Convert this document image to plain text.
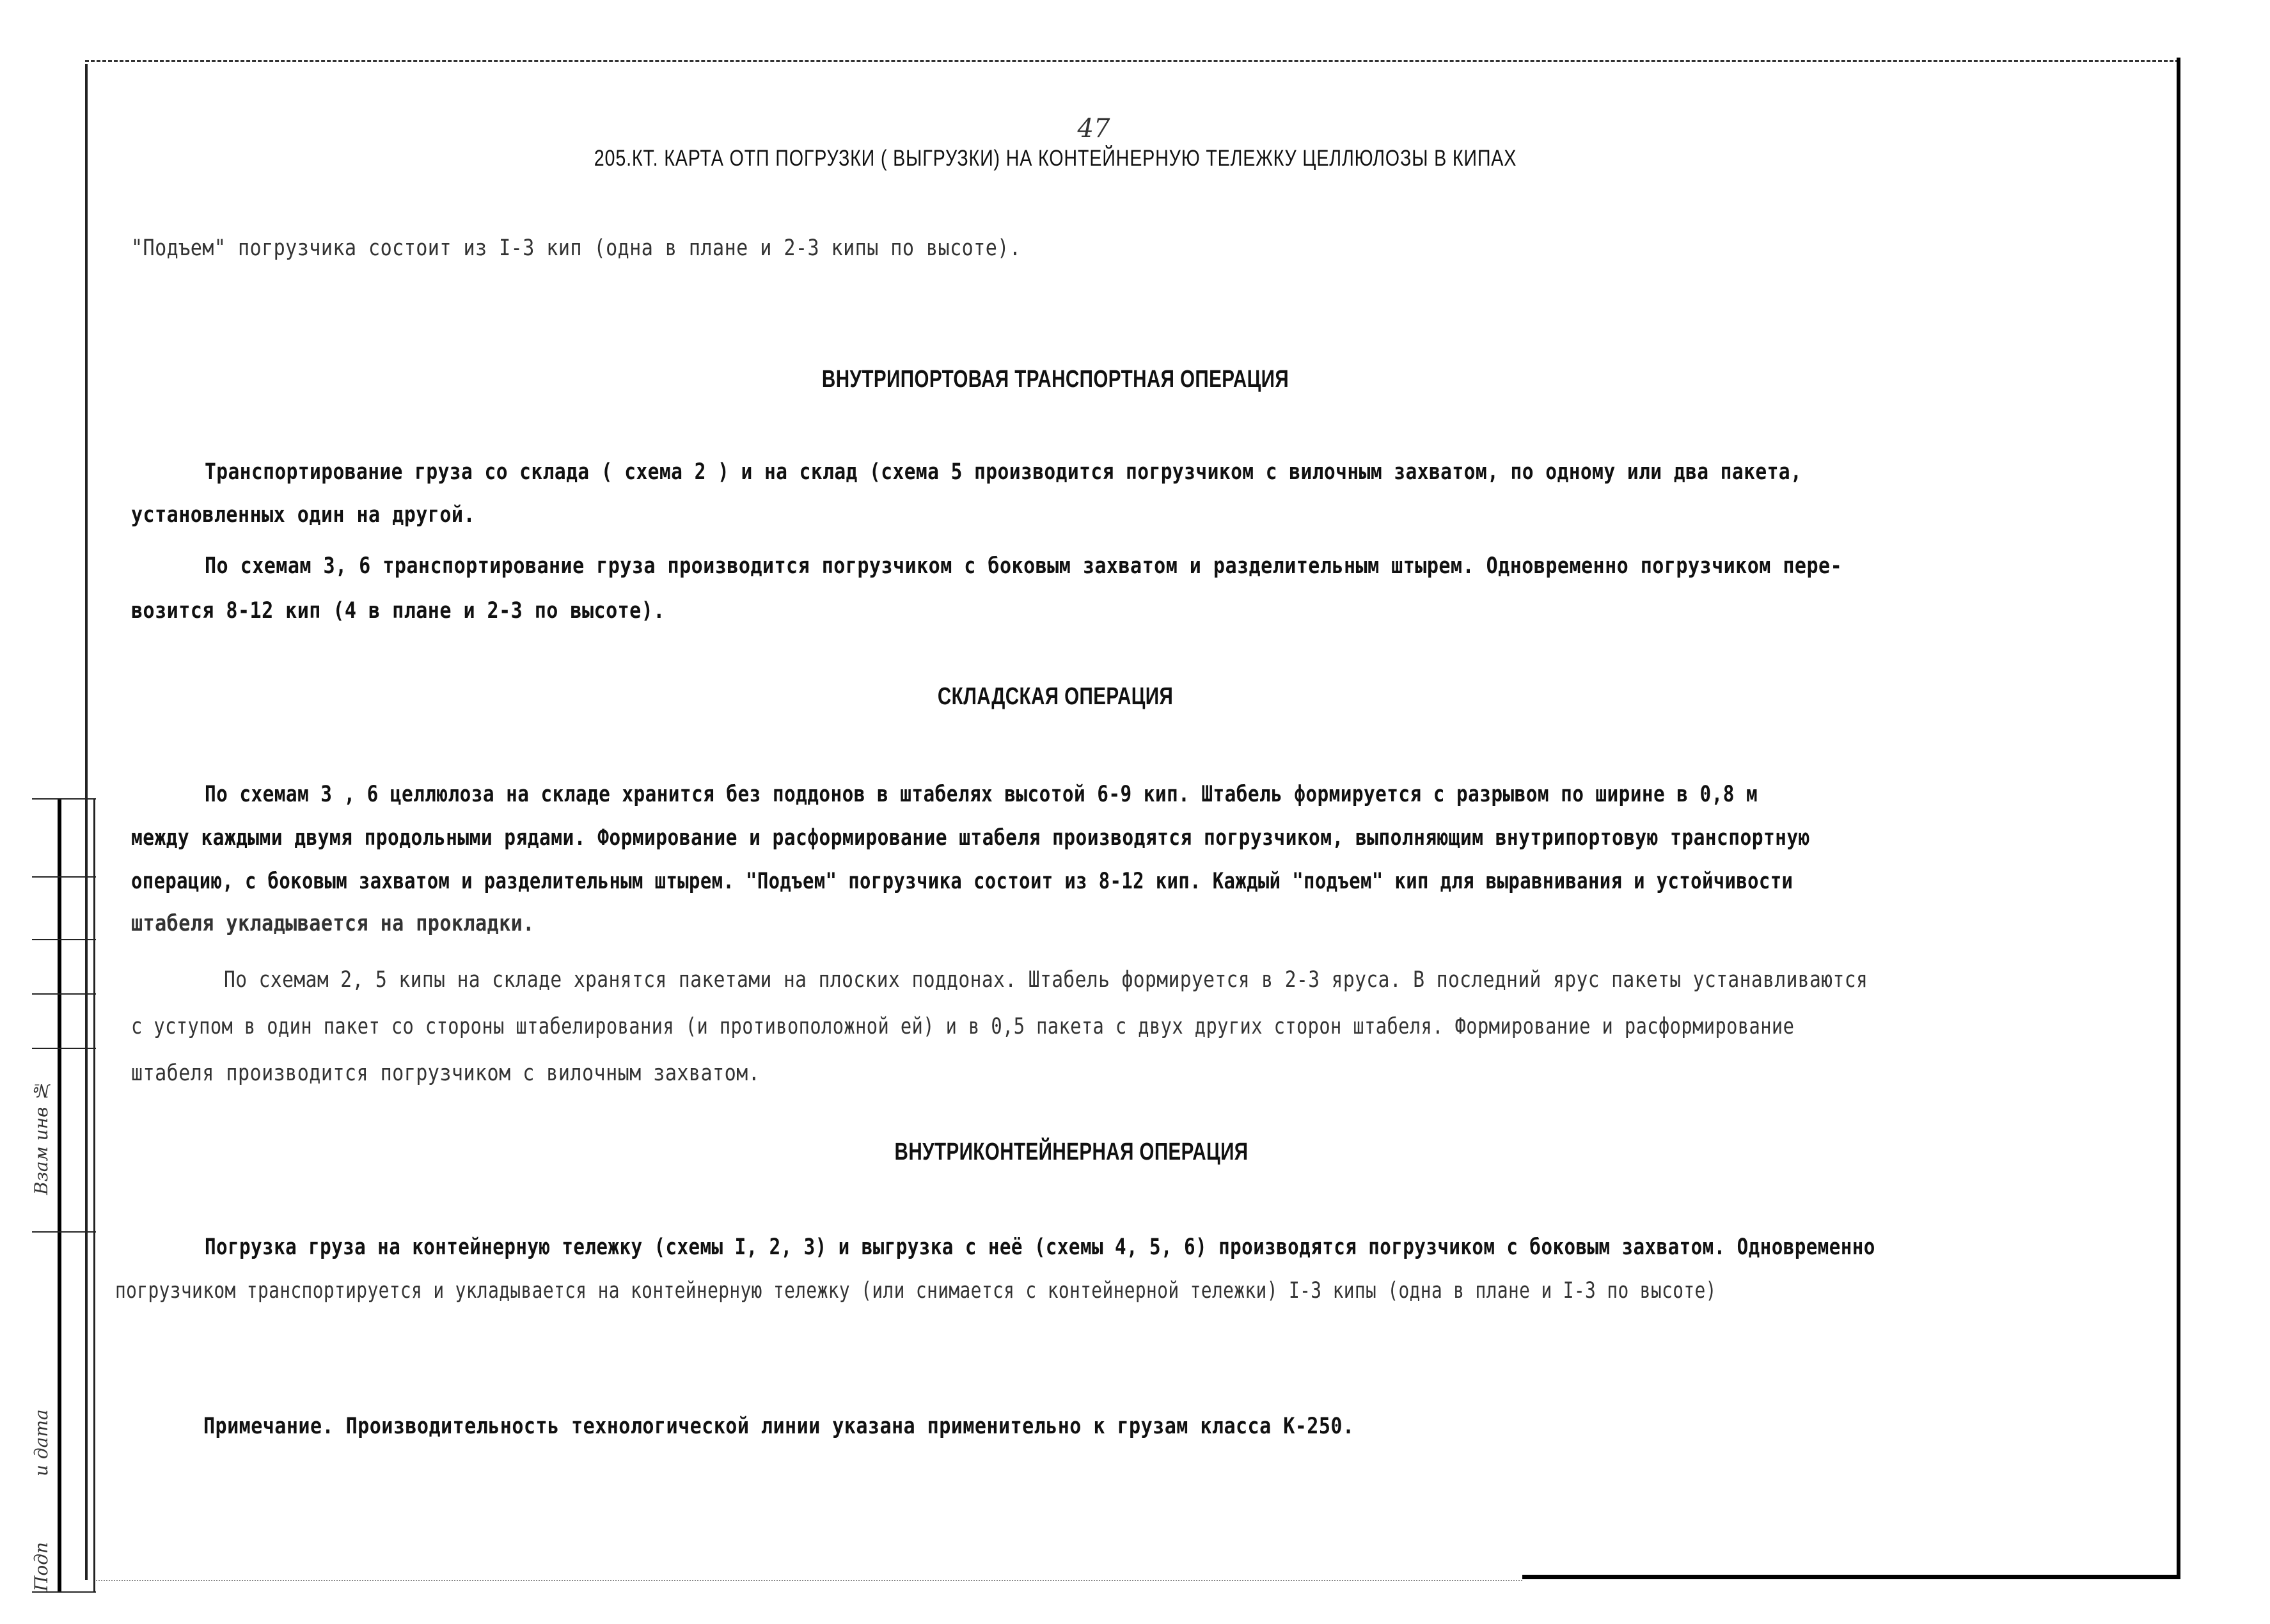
Подп
и дата
Взам инв №
47
205.КТ. КАРТА ОТП ПОГРУЗКИ ( ВЫГРУЗКИ) НА КОНТЕЙНЕРНУЮ ТЕЛЕЖКУ ЦЕЛЛЮЛОЗЫ В КИПАХ
"Подъем" погрузчика состоит из I-3 кип (одна в плане и 2-3 кипы по высоте).
ВНУТРИПОРТОВАЯ ТРАНСПОРТНАЯ ОПЕРАЦИЯ
Транспортирование груза со склада ( схема 2 ) и на склад (схема 5 производится погрузчиком с вилочным захватом, по одному или два пакета,
установленных один на другой.
По схемам 3, 6 транспортирование груза производится погрузчиком с боковым захватом и разделительным штырем. Одновременно погрузчиком пере-
возится 8-12 кип (4 в плане и 2-3 по высоте).
СКЛАДСКАЯ ОПЕРАЦИЯ
По схемам 3 , 6 целлюлоза на складе хранится без поддонов в штабелях высотой 6-9 кип. Штабель формируется с разрывом по ширине в 0,8 м
между каждыми двумя продольными рядами. Формирование и расформирование штабеля производятся погрузчиком, выполняющим внутрипортовую транспортную
операцию, с боковым захватом и разделительным штырем. "Подъем" погрузчика состоит из 8-12 кип. Каждый "подъем" кип для выравнивания и устойчивости
штабеля укладывается на прокладки.
По схемам 2, 5 кипы на складе хранятся пакетами на плоских поддонах. Штабель формируется в 2-3 яруса. В последний ярус пакеты устанавливаются
с уступом в один пакет со стороны штабелирования (и противоположной ей) и в 0,5 пакета с двух других сторон штабеля. Формирование и расформирование
штабеля производится погрузчиком с вилочным захватом.
ВНУТРИКОНТЕЙНЕРНАЯ ОПЕРАЦИЯ
Погрузка груза на контейнерную тележку (схемы I, 2, 3) и выгрузка с неё (схемы 4, 5, 6) производятся погрузчиком с боковым захватом. Одновременно
погрузчиком транспортируется и укладывается на контейнерную тележку (или снимается с контейнерной тележки) I-3 кипы (одна в плане и I-3 по высоте)
Примечание. Производительность технологической линии указана применительно к грузам класса К-250.
